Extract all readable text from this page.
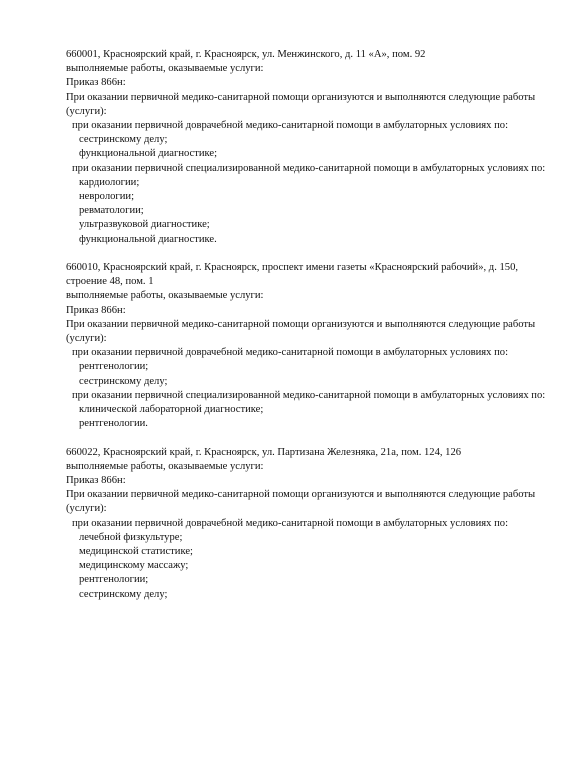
660001, Красноярский край, г. Красноярск, ул. Менжинского, д. 11 «А», пом. 92
выполняемые работы, оказываемые услуги:
Приказ 866н:
При оказании первичной медико-санитарной помощи организуются и выполняются следующие работы (услуги):
при оказании первичной доврачебной медико-санитарной помощи в амбулаторных условиях по:
сестринскому делу;
функциональной диагностике;
при оказании первичной специализированной медико-санитарной помощи в амбулаторных условиях по:
кардиологии;
неврологии;
ревматологии;
ультразвуковой диагностике;
функциональной диагностике.
660010, Красноярский край, г. Красноярск, проспект имени газеты «Красноярский рабочий», д. 150, строение 48, пом. 1
выполняемые работы, оказываемые услуги:
Приказ 866н:
При оказании первичной медико-санитарной помощи организуются и выполняются следующие работы (услуги):
при оказании первичной доврачебной медико-санитарной помощи в амбулаторных условиях по:
рентгенологии;
сестринскому делу;
при оказании первичной специализированной медико-санитарной помощи в амбулаторных условиях по:
клинической лабораторной диагностике;
рентгенологии.
660022, Красноярский край, г. Красноярск, ул. Партизана Железняка, 21а, пом. 124, 126
выполняемые работы, оказываемые услуги:
Приказ 866н:
При оказании первичной медико-санитарной помощи организуются и выполняются следующие работы (услуги):
при оказании первичной доврачебной медико-санитарной помощи в амбулаторных условиях по:
лечебной физкультуре;
медицинской статистике;
медицинскому массажу;
рентгенологии;
сестринскому делу;
